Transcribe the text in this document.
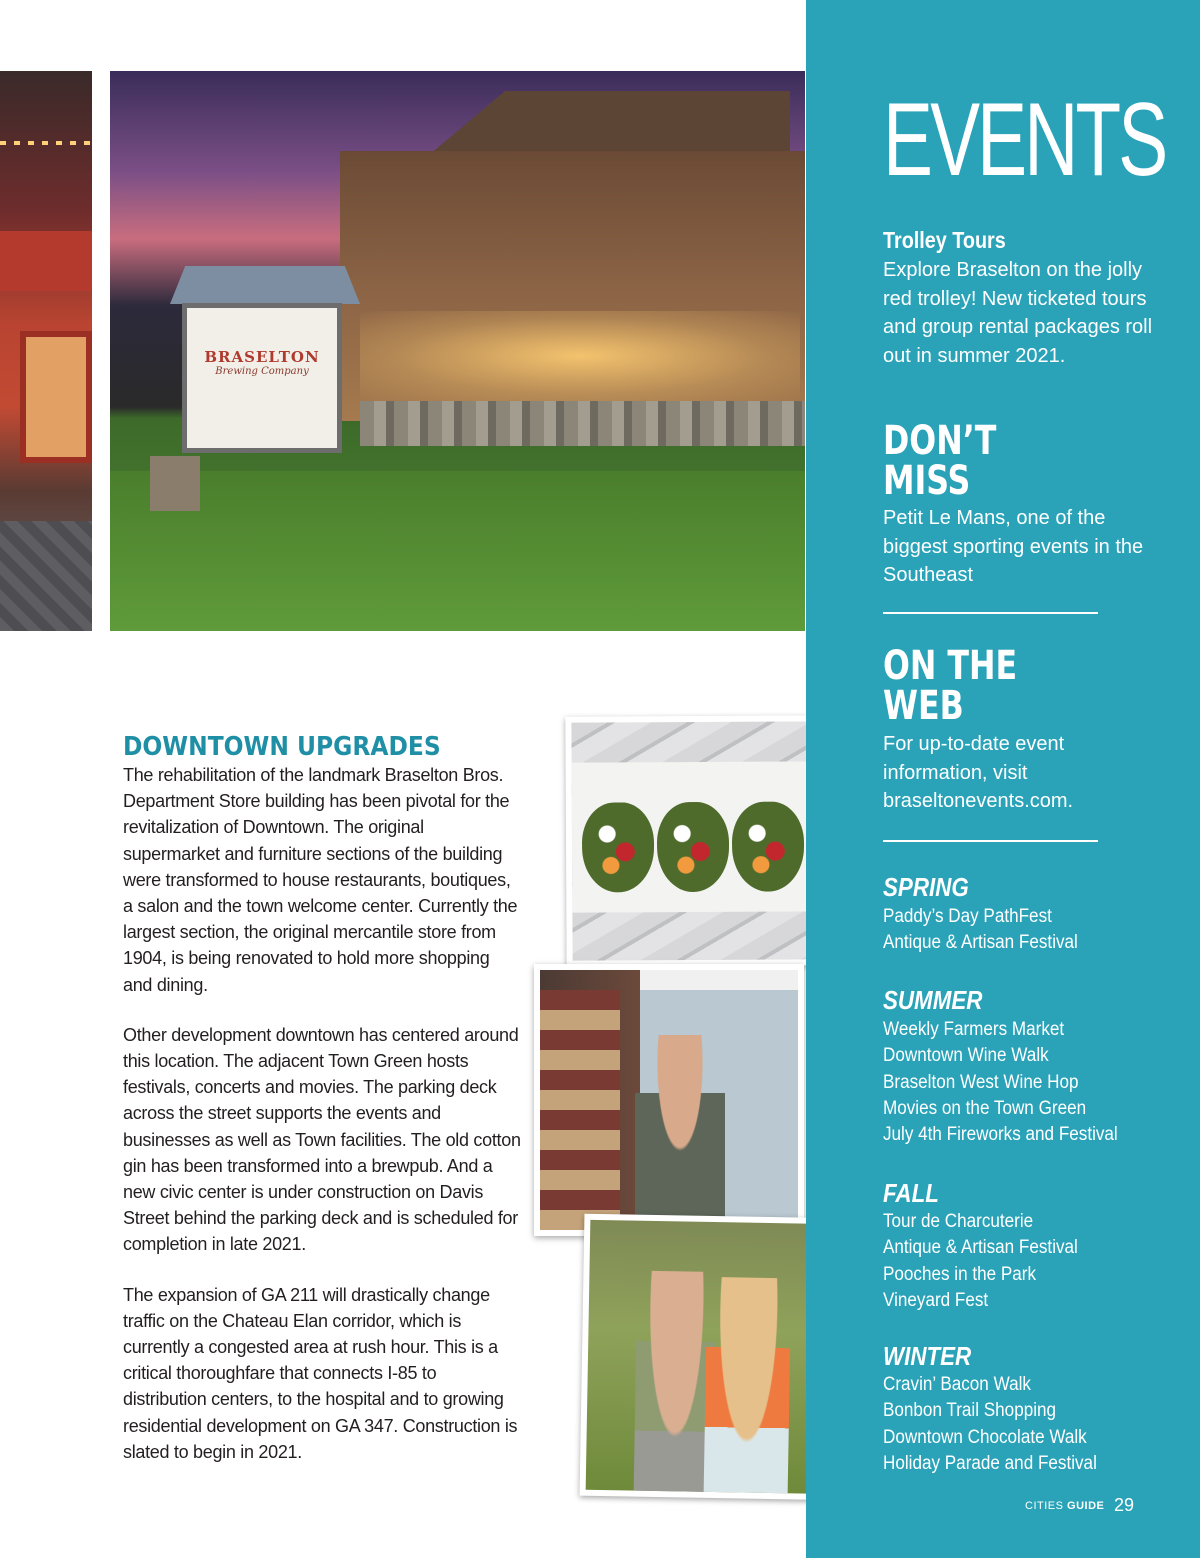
BRASELTON
Brewing Company
DOWNTOWN UPGRADES

The rehabilitation of the landmark Braselton Bros. Department Store building has been pivotal for the revitalization of Downtown. The original supermarket and furniture sections of the building were transformed to house restaurants, boutiques, a salon and the town welcome center. Currently the largest section, the original mercantile store from 1904, is being renovated to hold more shopping and dining.

Other development downtown has centered around this location. The adjacent Town Green hosts festivals, concerts and movies. The parking deck across the street supports the events and businesses as well as Town facilities. The old cotton gin has been transformed into a brewpub. And a new civic center is under construction on Davis Street behind the parking deck and is scheduled for completion in late 2021.

The expansion of GA 211 will drastically change traffic on the Chateau Elan corridor, which is currently a congested area at rush hour. This is a critical thoroughfare that connects I-85 to distribution centers, to the hospital and to growing residential development on GA 347. Construction is slated to begin in 2021.

EVENTS
Trolley Tours
Explore Braselton on the jolly red trolley! New ticketed tours and group rental packages roll out in summer 2021.
DON’T
MISS
Petit Le Mans, one of the biggest sporting events in the Southeast
ON THE
WEB
For up-to-date event information, visit braseltonevents.com.
SPRING
Paddy’s Day PathFest
Antique & Artisan Festival
SUMMER
Weekly Farmers Market
Downtown Wine Walk
Braselton West Wine Hop
Movies on the Town Green
July 4th Fireworks and Festival
FALL
Tour de Charcuterie
Antique & Artisan Festival
Pooches in the Park
Vineyard Fest
WINTER
Cravin’ Bacon Walk
Bonbon Trail Shopping
Downtown Chocolate Walk
Holiday Parade and Festival
CITIES GUIDE 29
